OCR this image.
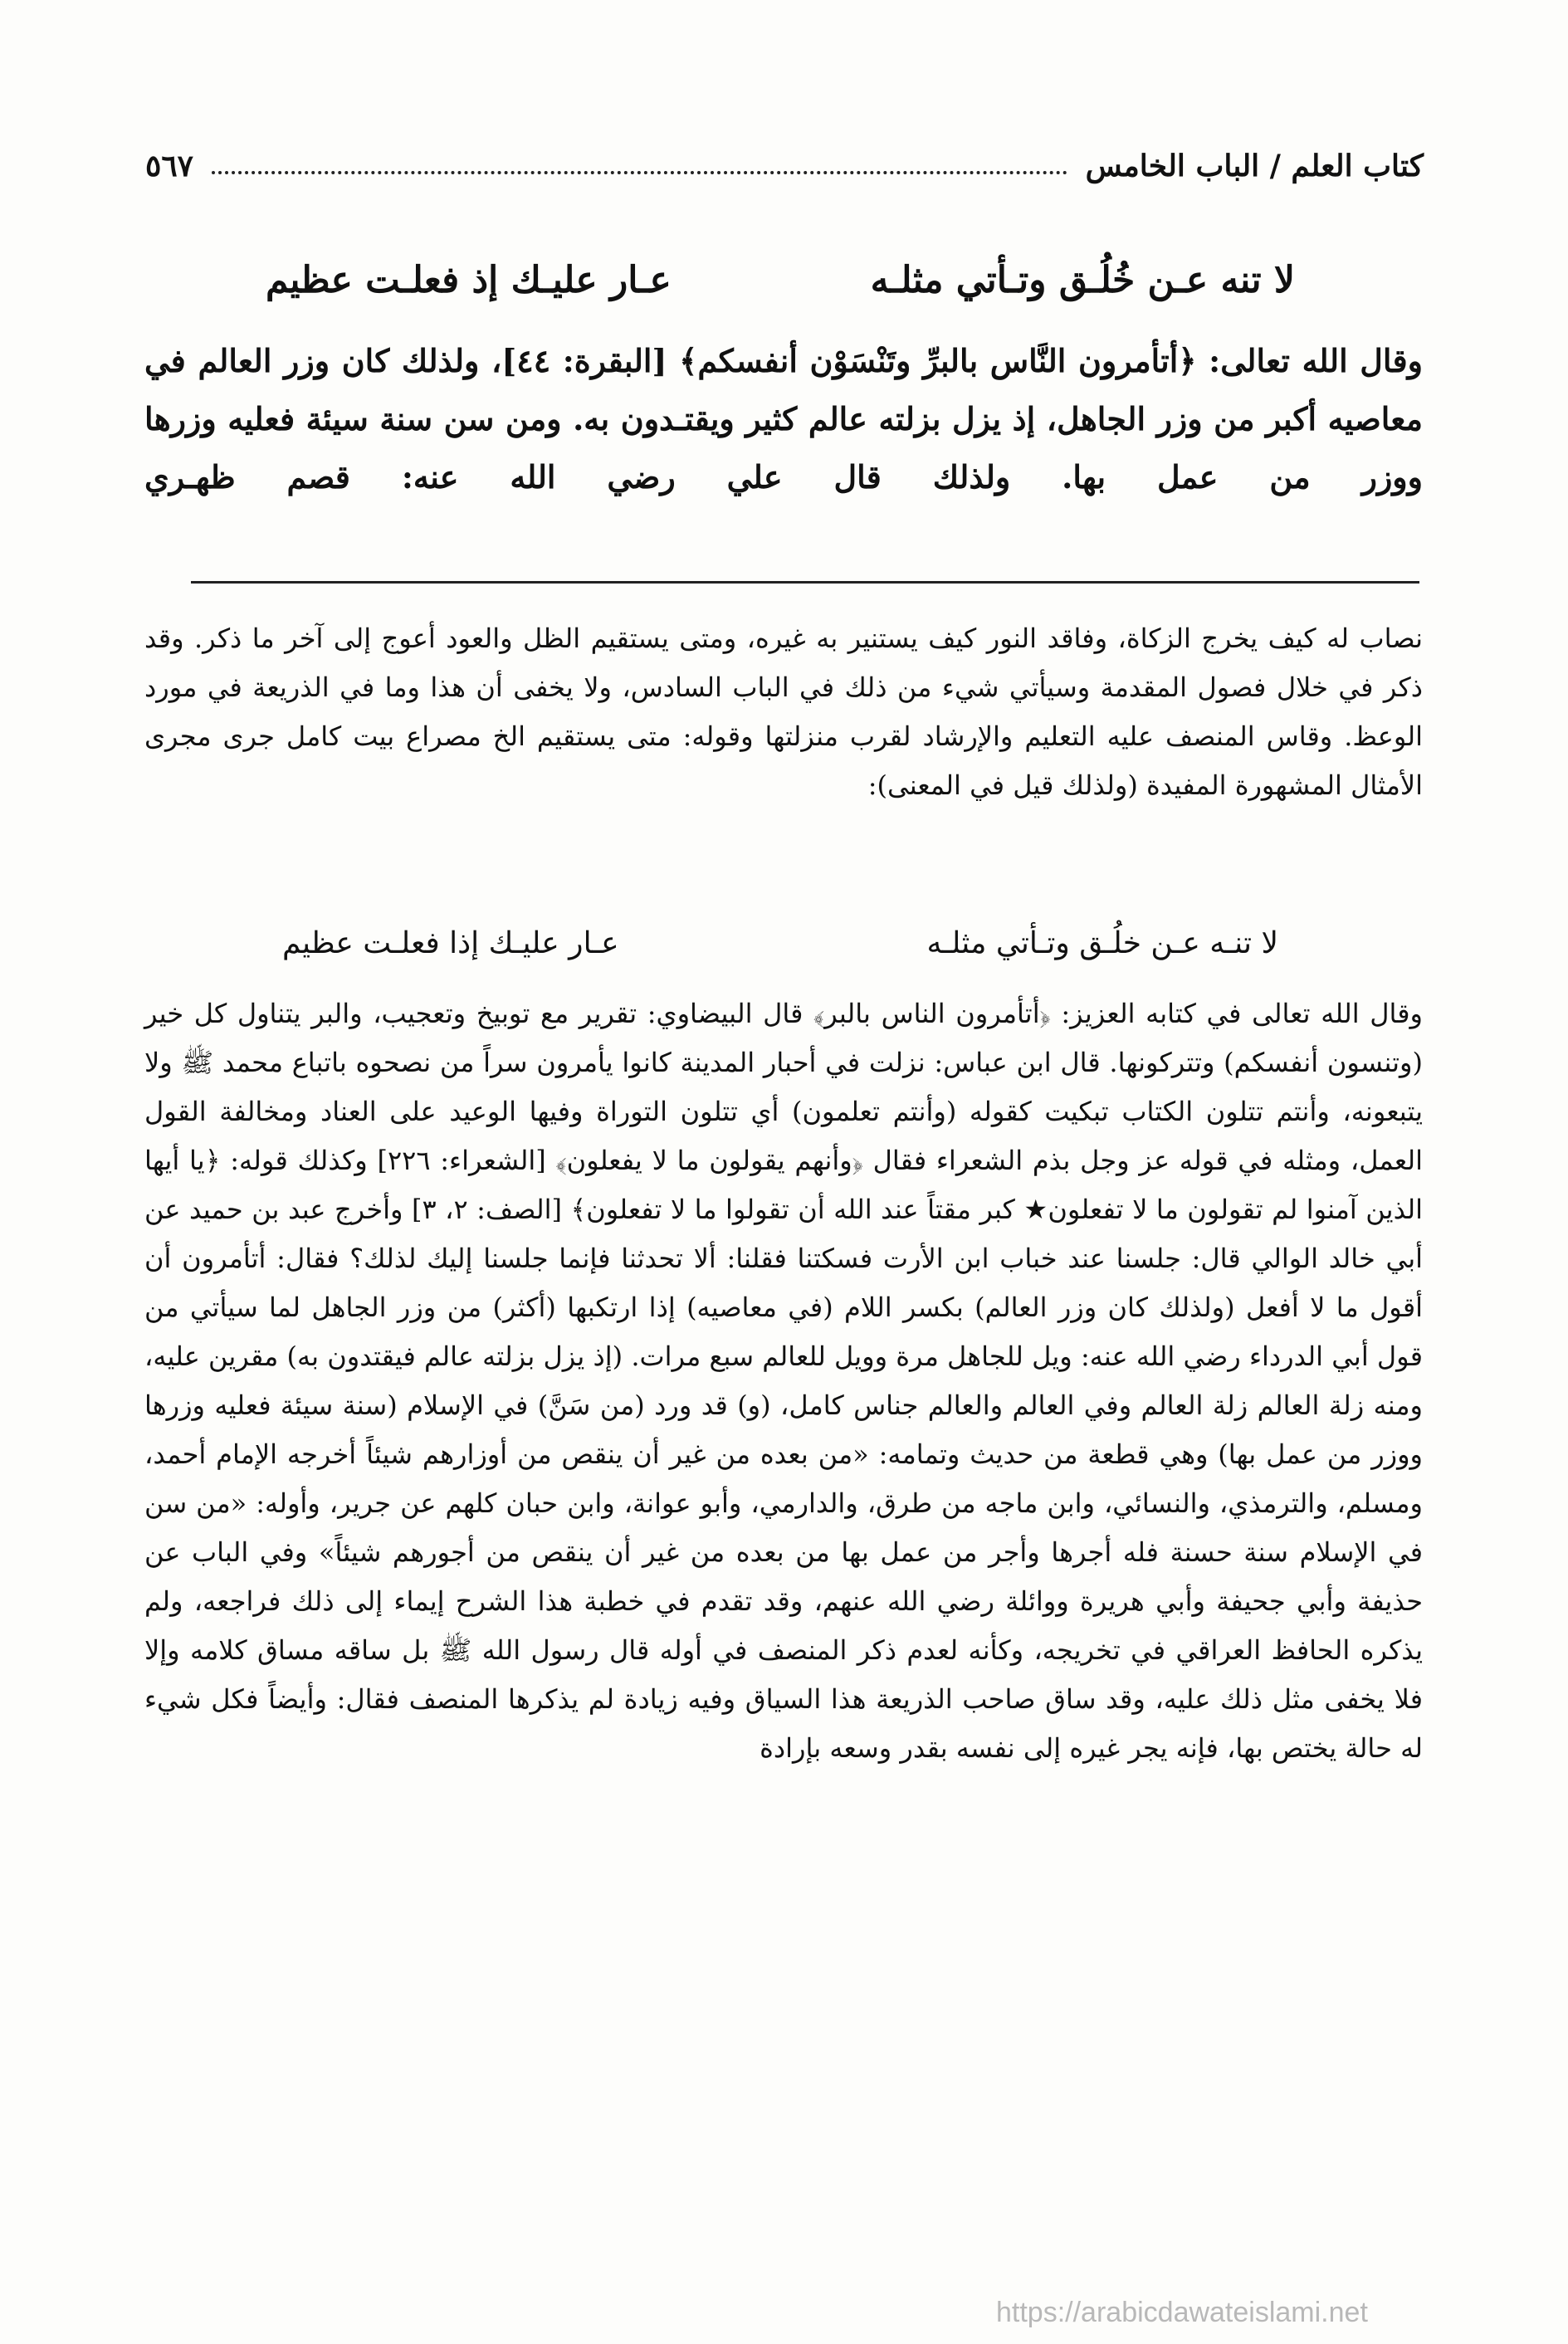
كتاب العلم / الباب الخامس
٥٦٧
لا تنه عـن خُلُـق وتـأتي مثلـه
عـار عليـك إذ فعلـت عظيم

وقال الله تعالى: ﴿أتأمرون النَّاس بالبرِّ وتَنْسَوْن أنفسكم﴾ [البقرة: ٤٤]، ولذلك كان وزر العالم في معاصيه أكبر من وزر الجاهل، إذ يزل بزلته عالم كثير ويقتـدون به. ومن سن سنة سيئة فعليه وزرها ووزر من عمل بها. ولذلك قال علي رضي الله عنه: قصم ظهـري

نصاب له كيف يخرج الزكاة، وفاقد النور كيف يستنير به غيره، ومتى يستقيم الظل والعود أعوج إلى آخر ما ذكر. وقد ذكر في خلال فصول المقدمة وسيأتي شيء من ذلك في الباب السادس، ولا يخفى أن هذا وما في الذريعة في مورد الوعظ. وقاس المنصف عليه التعليم والإرشاد لقرب منزلتها وقوله: متى يستقيم الخ مصراع بيت كامل جرى مجرى الأمثال المشهورة المفيدة (ولذلك قيل في المعنى):

لا تنـه عـن خلُـق وتـأتي مثلـه
عـار عليـك إذا فعلـت عظيم

وقال الله تعالى في كتابه العزيز: ﴿أتأمرون الناس بالبر﴾ قال البيضاوي: تقرير مع توبيخ وتعجيب، والبر يتناول كل خير (وتنسون أنفسكم) وتتركونها. قال ابن عباس: نزلت في أحبار المدينة كانوا يأمرون سراً من نصحوه باتباع محمد ﷺ ولا يتبعونه، وأنتم تتلون الكتاب تبكيت كقوله (وأنتم تعلمون) أي تتلون التوراة وفيها الوعيد على العناد ومخالفة القول العمل، ومثله في قوله عز وجل بذم الشعراء فقال ﴿وأنهم يقولون ما لا يفعلون﴾ [الشعراء: ٢٢٦] وكذلك قوله: ﴿يا أيها الذين آمنوا لم تقولون ما لا تفعلون★ كبر مقتاً عند الله أن تقولوا ما لا تفعلون﴾ [الصف: ٢، ٣] وأخرج عبد بن حميد عن أبي خالد الوالي قال: جلسنا عند خباب ابن الأرت فسكتنا فقلنا: ألا تحدثنا فإنما جلسنا إليك لذلك؟ فقال: أتأمرون أن أقول ما لا أفعل (ولذلك كان وزر العالم) بكسر اللام (في معاصيه) إذا ارتكبها (أكثر) من وزر الجاهل لما سيأتي من قول أبي الدرداء رضي الله عنه: ويل للجاهل مرة وويل للعالم سبع مرات. (إذ يزل بزلته عالم فيقتدون به) مقرين عليه، ومنه زلة العالم زلة العالم وفي العالم والعالم جناس كامل، (و) قد ورد (من سَنَّ) في الإسلام (سنة سيئة فعليه وزرها ووزر من عمل بها) وهي قطعة من حديث وتمامه: «من بعده من غير أن ينقص من أوزارهم شيئاً أخرجه الإمام أحمد، ومسلم، والترمذي، والنسائي، وابن ماجه من طرق، والدارمي، وأبو عوانة، وابن حبان كلهم عن جرير، وأوله: «من سن في الإسلام سنة حسنة فله أجرها وأجر من عمل بها من بعده من غير أن ينقص من أجورهم شيئاً» وفي الباب عن حذيفة وأبي جحيفة وأبي هريرة ووائلة رضي الله عنهم، وقد تقدم في خطبة هذا الشرح إيماء إلى ذلك فراجعه، ولم يذكره الحافظ العراقي في تخريجه، وكأنه لعدم ذكر المنصف في أوله قال رسول الله ﷺ بل ساقه مساق كلامه وإلا فلا يخفى مثل ذلك عليه، وقد ساق صاحب الذريعة هذا السياق وفيه زيادة لم يذكرها المنصف فقال: وأيضاً فكل شيء له حالة يختص بها، فإنه يجر غيره إلى نفسه بقدر وسعه بإرادة

https://arabicdawateislami.net
